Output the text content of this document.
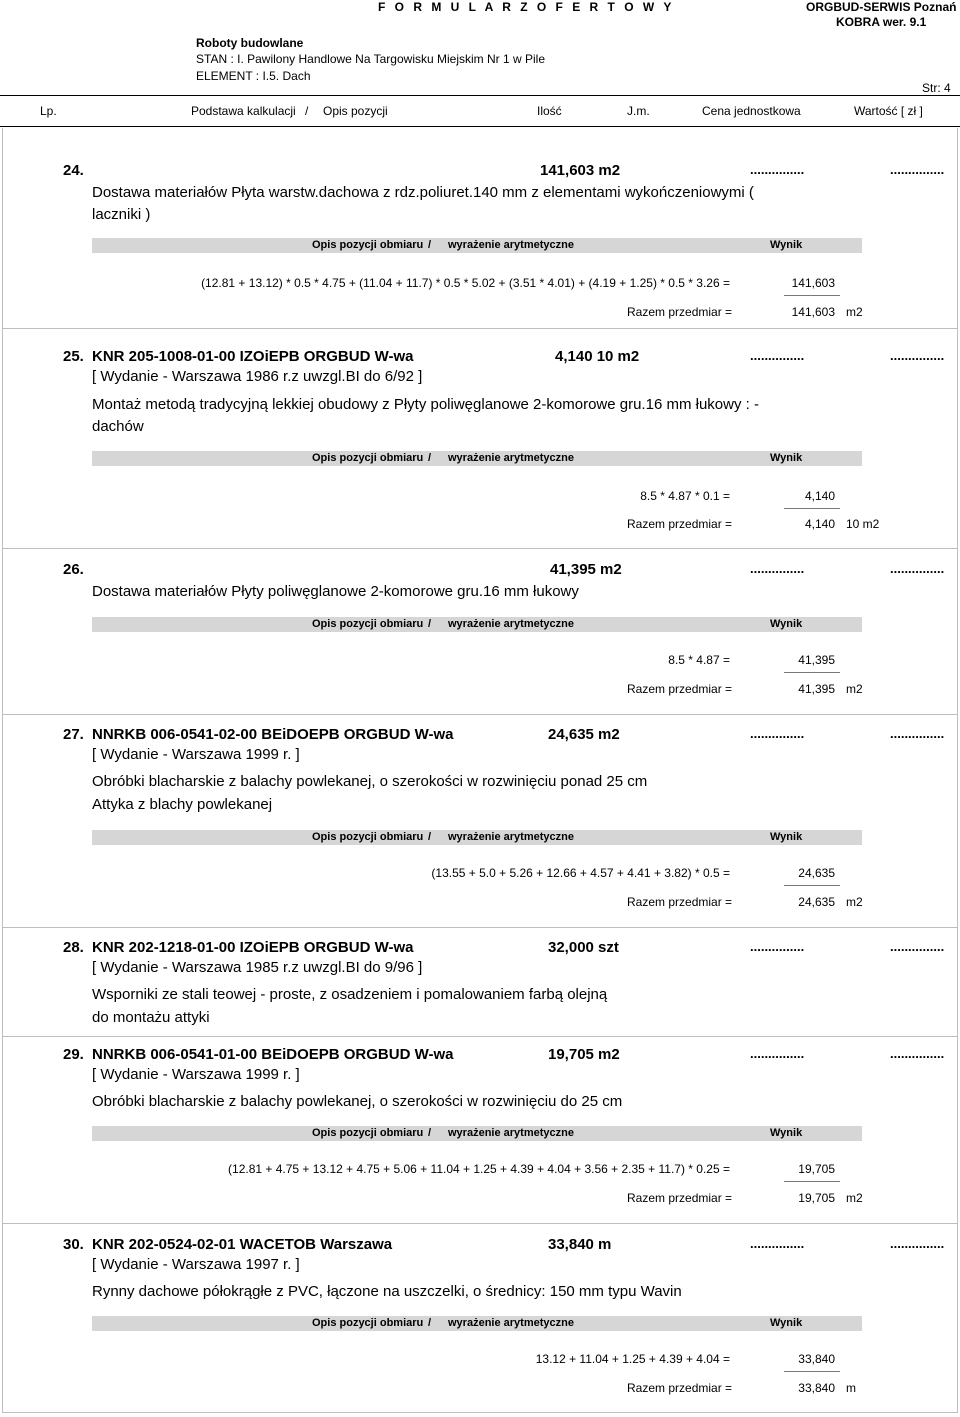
F O R M U L A R Z O F E R T O W Y	ORGBUD-SERWIS Poznań
KOBRA wer. 9.1
Roboty budowlane
STAN : I. Pawilony Handlowe Na Targowisku Miejskim Nr 1 w Pile
ELEMENT : I.5. Dach
Str: 4
Lp.	Podstawa kalkulacji / Opis pozycji	Ilość	J.m.	Cena jednostkowa	Wartość [ zł ]
24.	141,603 m2	...............	...............
Dostawa materiałów Płyta warstw.dachowa z rdz.poliuret.140 mm z elementami wykończeniowymi (
laczniki )
Opis pozycji obmiaru / wyrażenie arytmetyczne	Wynik
(12.81 + 13.12) * 0.5 * 4.75 + (11.04 + 11.7) * 0.5 * 5.02 + (3.51 * 4.01) + (4.19 + 1.25) * 0.5 * 3.26 =	141,603
Razem przedmiar =	141,603 m2
25. KNR 205-1008-01-00 IZOiEPB ORGBUD W-wa	4,140 10 m2	...............	...............
[ Wydanie - Warszawa 1986 r.z uwzgl.BI do 6/92 ]
Montaż metodą tradycyjną lekkiej obudowy z Płyty poliwęglanowe 2-komorowe gru.16 mm łukowy : -
dachów
Opis pozycji obmiaru / wyrażenie arytmetyczne	Wynik
8.5 * 4.87 * 0.1 =	4,140
Razem przedmiar =	4,140 10 m2
26.	41,395 m2	...............	...............
Dostawa materiałów Płyty poliwęglanowe 2-komorowe gru.16 mm łukowy
Opis pozycji obmiaru / wyrażenie arytmetyczne	Wynik
8.5 * 4.87 =	41,395
Razem przedmiar =	41,395 m2
27. NNRKB 006-0541-02-00 BEiDOEPB ORGBUD W-wa	24,635 m2	...............	...............
[ Wydanie - Warszawa 1999 r. ]
Obróbki blacharskie z balachy powlekanej, o szerokości w rozwinięciu ponad 25 cm
Attyka z blachy powlekanej
Opis pozycji obmiaru / wyrażenie arytmetyczne	Wynik
(13.55 + 5.0 + 5.26 + 12.66 + 4.57 + 4.41 + 3.82) * 0.5 =	24,635
Razem przedmiar =	24,635 m2
28. KNR 202-1218-01-00 IZOiEPB ORGBUD W-wa	32,000 szt	...............	...............
[ Wydanie - Warszawa 1985 r.z uwzgl.BI do 9/96 ]
Wsporniki ze stali teowej - proste, z osadzeniem i pomalowaniem farbą olejną
do montażu attyki
29. NNRKB 006-0541-01-00 BEiDOEPB ORGBUD W-wa	19,705 m2	...............	...............
[ Wydanie - Warszawa 1999 r. ]
Obróbki blacharskie z balachy powlekanej, o szerokości w rozwinięciu do 25 cm
Opis pozycji obmiaru / wyrażenie arytmetyczne	Wynik
(12.81 + 4.75 + 13.12 + 4.75 + 5.06 + 11.04 + 1.25 + 4.39 + 4.04 + 3.56 + 2.35 + 11.7) * 0.25 =	19,705
Razem przedmiar =	19,705 m2
30. KNR 202-0524-02-01 WACETOB Warszawa	33,840 m	...............	...............
[ Wydanie - Warszawa 1997 r. ]
Rynny dachowe półokrągłe z PVC, łączone na uszczelki, o średnicy: 150 mm typu Wavin
Opis pozycji obmiaru / wyrażenie arytmetyczne	Wynik
13.12 + 11.04 + 1.25 + 4.39 + 4.04 =	33,840
Razem przedmiar =	33,840 m
